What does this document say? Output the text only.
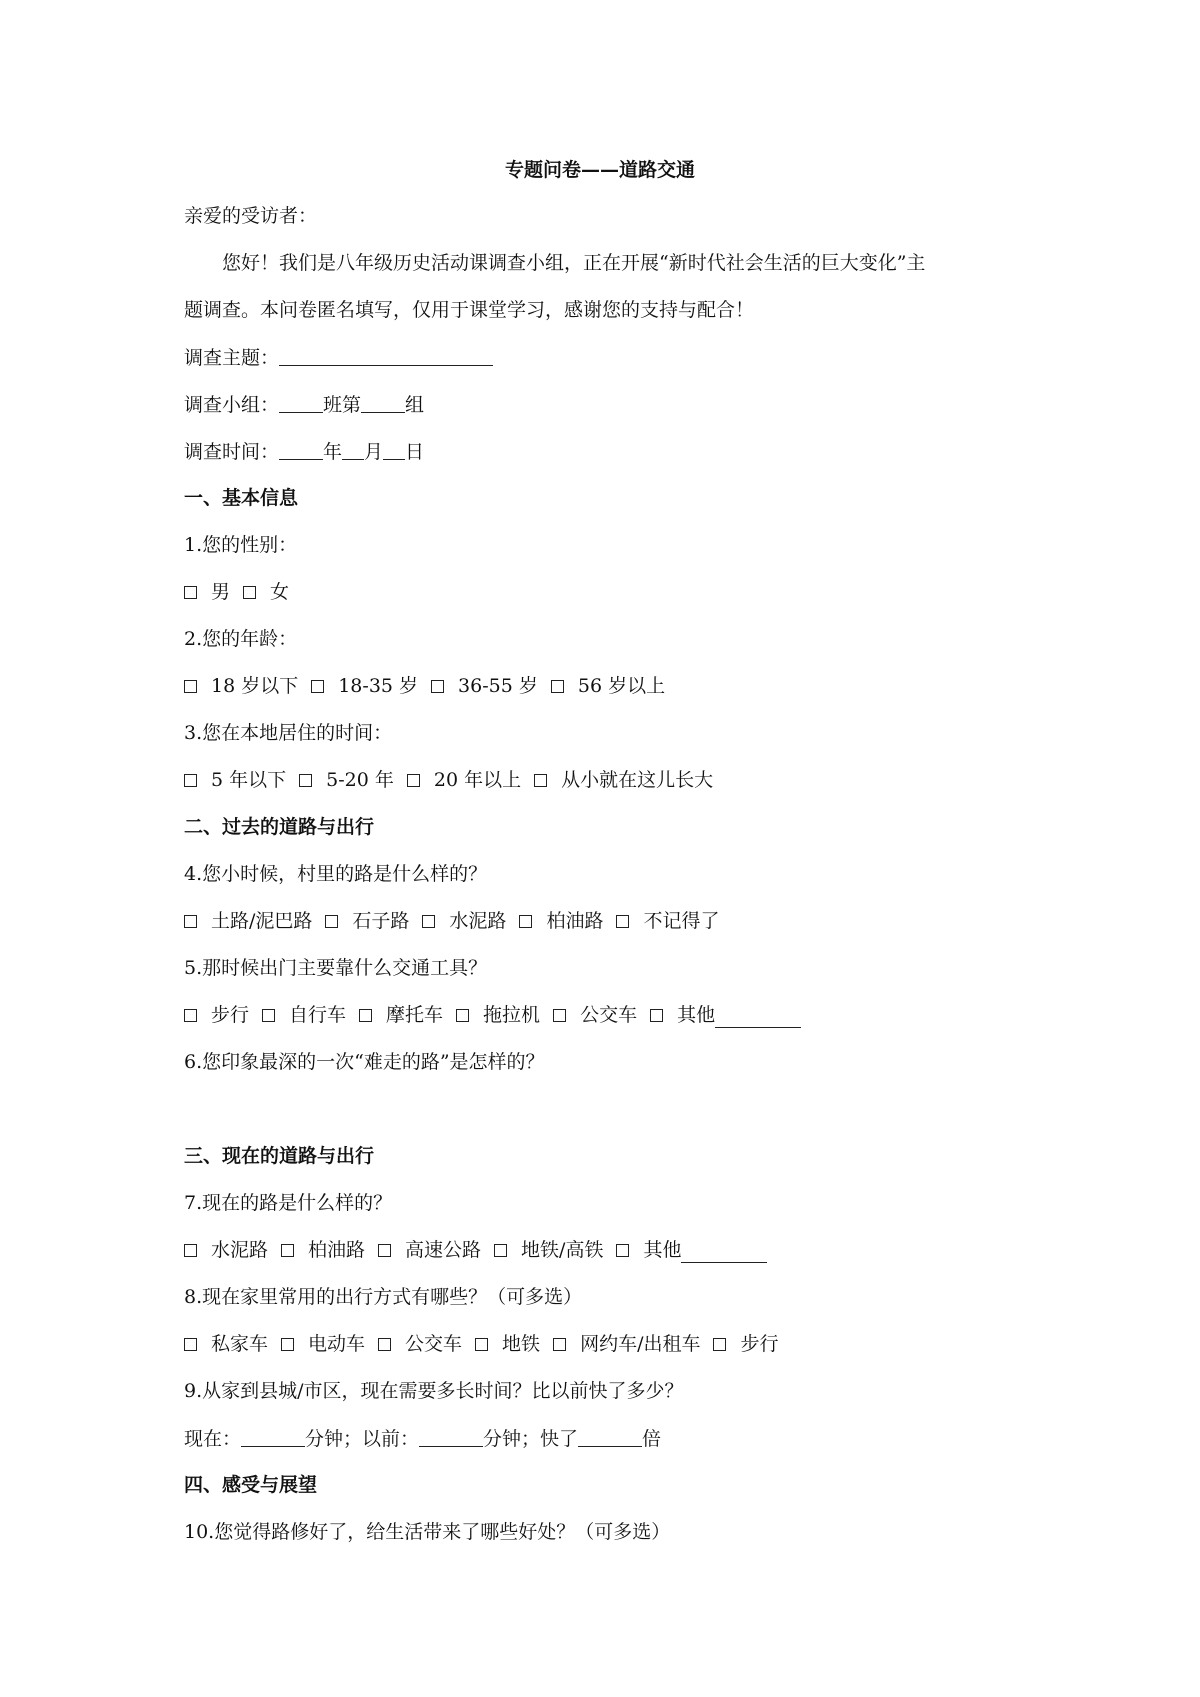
专题问卷——道路交通

亲爱的受访者：

您好！我们是八年级历史活动课调查小组，正在开展“新时代社会生活的巨大变化”主

题调查。本问卷匿名填写，仅用于课堂学习，感谢您的支持与配合！

调查主题：

调查小组： 班第 组

调查时间： 年 月 日

一、基本信息

1.您的性别：

男 女

2.您的年龄：

18 岁以下 18-35 岁 36-55 岁 56 岁以上

3.您在本地居住的时间：

5 年以下 5-20 年 20 年以上 从小就在这儿长大

二、过去的道路与出行

4.您小时候，村里的路是什么样的？

土路/泥巴路 石子路 水泥路 柏油路 不记得了

5.那时候出门主要靠什么交通工具？

步行 自行车 摩托车 拖拉机 公交车 其他

6.您印象最深的一次“难走的路”是怎样的？

三、现在的道路与出行

7.现在的路是什么样的？

水泥路 柏油路 高速公路 地铁/高铁 其他

8.现在家里常用的出行方式有哪些？（可多选）

私家车 电动车 公交车 地铁 网约车/出租车 步行

9.从家到县城/市区，现在需要多长时间？比以前快了多少？

现在：	分钟；以前：	分钟；快了	倍

四、感受与展望

10.您觉得路修好了，给生活带来了哪些好处？（可多选）
